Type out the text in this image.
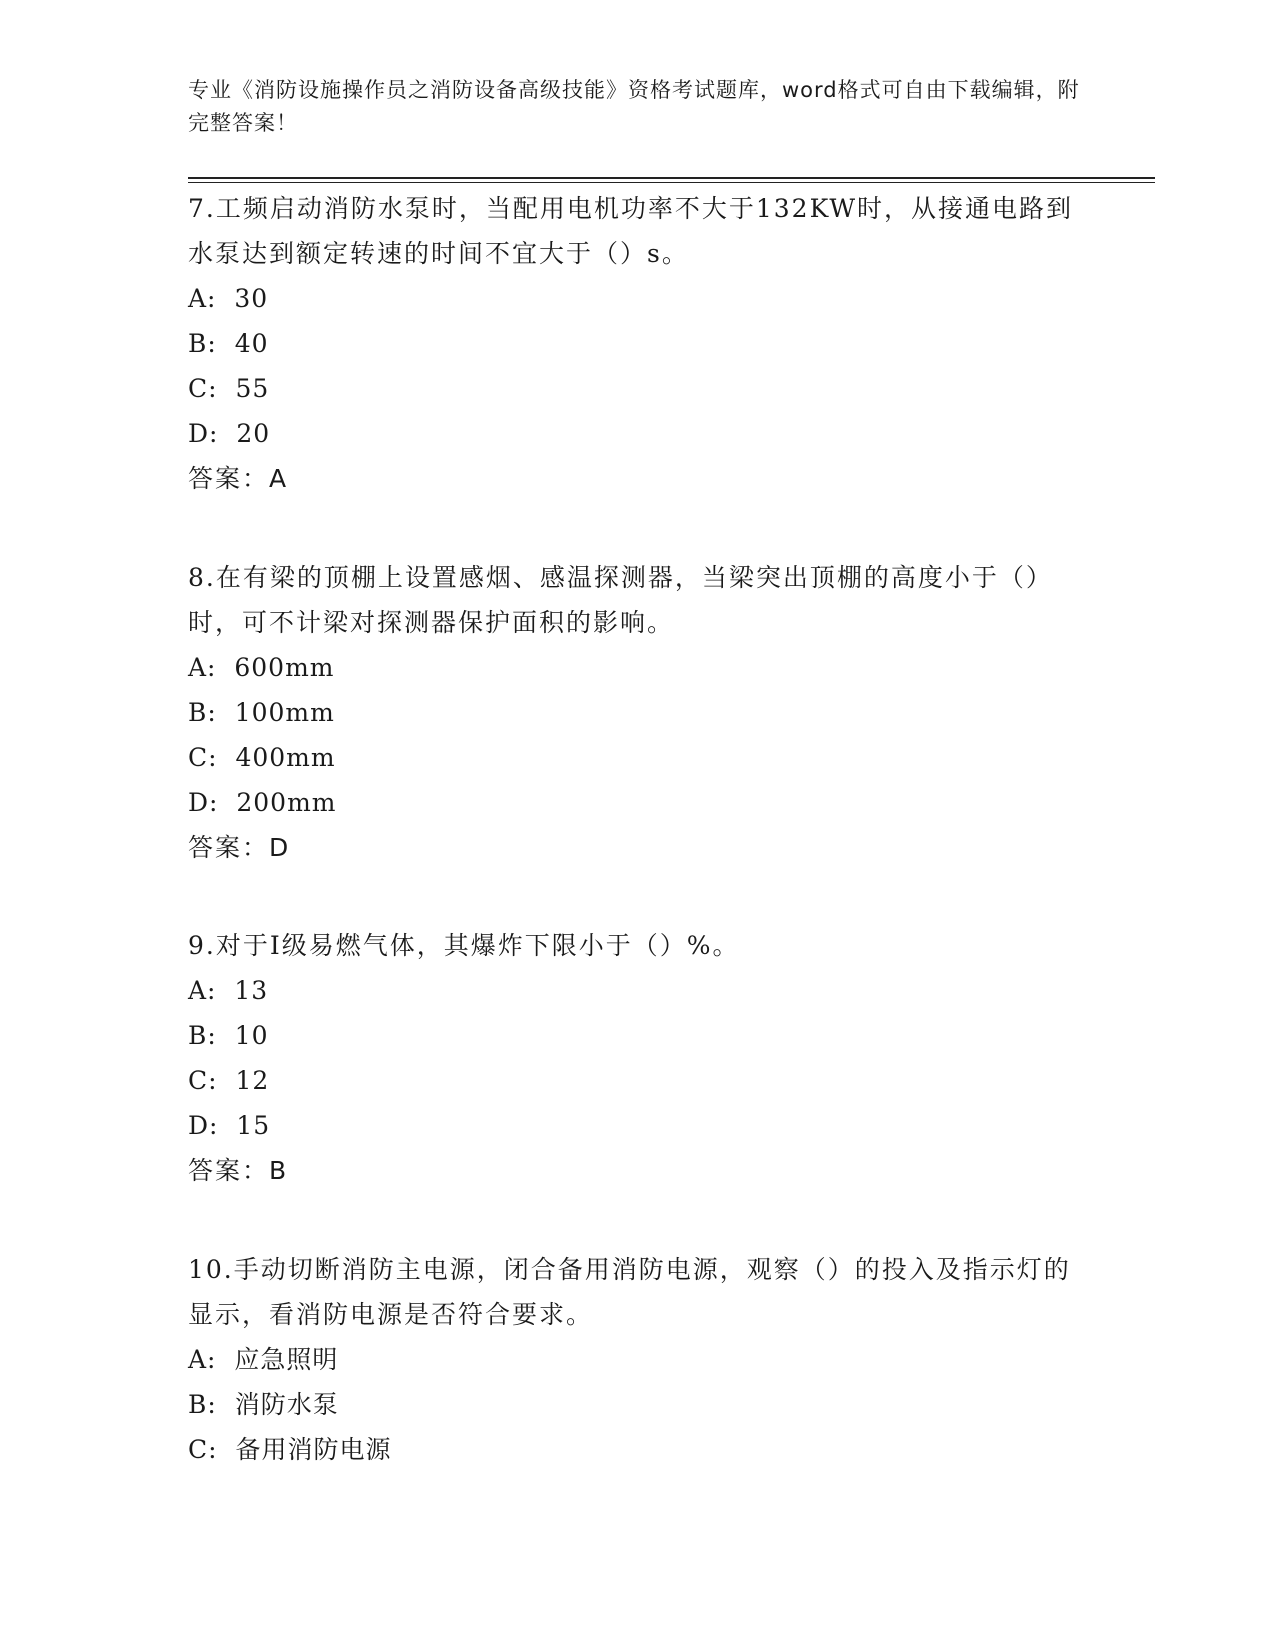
专业《消防设施操作员之消防设备高级技能》资格考试题库，word格式可自由下载编辑，附完整答案！

7.工频启动消防水泵时，当配用电机功率不大于132KW时，从接通电路到水泵达到额定转速的时间不宜大于（）s。

A:  30

B:  40

C:  55

D:  20

答案：A

8.在有梁的顶棚上设置感烟、感温探测器，当梁突出顶棚的高度小于（）时，可不计梁对探测器保护面积的影响。

A:  600mm

B:  100mm

C:  400mm

D:  200mm

答案：D

9.对于Ⅰ级易燃气体，其爆炸下限小于（）%。

A:  13

B:  10

C:  12

D:  15

答案：B

10.手动切断消防主电源，闭合备用消防电源，观察（）的投入及指示灯的显示，看消防电源是否符合要求。

A:  应急照明

B:  消防水泵

C:  备用消防电源
